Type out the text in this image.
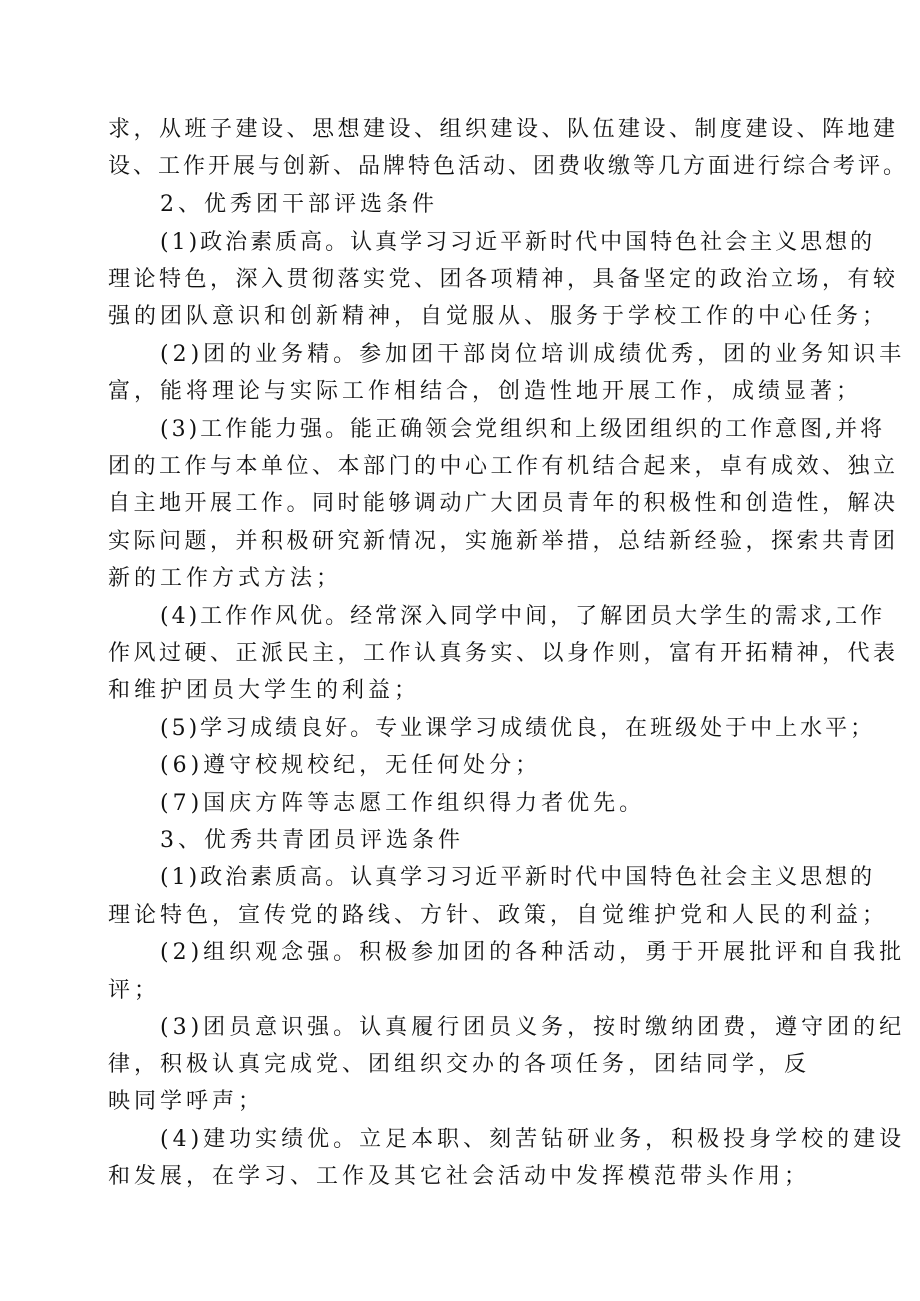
求，从班子建设、思想建设、组织建设、队伍建设、制度建设、阵地建
设、工作开展与创新、品牌特色活动、团费收缴等几方面进行综合考评。
2、优秀团干部评选条件
(1)政治素质高。认真学习习近平新时代中国特色社会主义思想的
理论特色，深入贯彻落实党、团各项精神，具备坚定的政治立场，有较
强的团队意识和创新精神，自觉服从、服务于学校工作的中心任务；
(2)团的业务精。参加团干部岗位培训成绩优秀，团的业务知识丰
富，能将理论与实际工作相结合，创造性地开展工作，成绩显著；
(3)工作能力强。能正确领会党组织和上级团组织的工作意图,并将
团的工作与本单位、本部门的中心工作有机结合起来，卓有成效、独立
自主地开展工作。同时能够调动广大团员青年的积极性和创造性，解决
实际问题，并积极研究新情况，实施新举措，总结新经验，探索共青团
新的工作方式方法；
(4)工作作风优。经常深入同学中间，了解团员大学生的需求,工作
作风过硬、正派民主，工作认真务实、以身作则，富有开拓精神，代表
和维护团员大学生的利益；
(5)学习成绩良好。专业课学习成绩优良，在班级处于中上水平；
(6)遵守校规校纪，无任何处分；
(7)国庆方阵等志愿工作组织得力者优先。
3、优秀共青团员评选条件
(1)政治素质高。认真学习习近平新时代中国特色社会主义思想的
理论特色，宣传党的路线、方针、政策，自觉维护党和人民的利益；
(2)组织观念强。积极参加团的各种活动，勇于开展批评和自我批
评；
(3)团员意识强。认真履行团员义务，按时缴纳团费，遵守团的纪
律，积极认真完成党、团组织交办的各项任务，团结同学，反
映同学呼声；
(4)建功实绩优。立足本职、刻苦钻研业务，积极投身学校的建设
和发展，在学习、工作及其它社会活动中发挥模范带头作用；
